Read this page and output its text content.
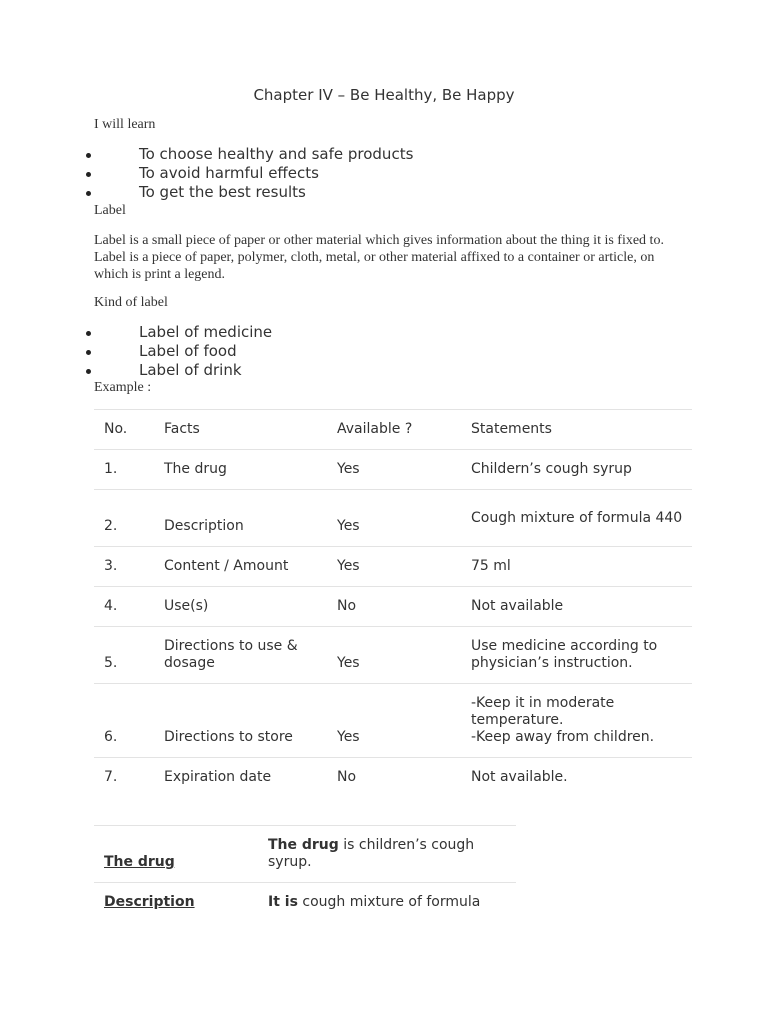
Chapter IV – Be Healthy, Be Happy
I will learn
To choose healthy and safe products
To avoid harmful effects
To get the best results
Label
Label is a small piece of paper or other material which gives information about the thing it is fixed to. Label is a piece of paper, polymer, cloth, metal, or other material affixed to a container or article, on which is print a legend.
Kind of label
Label of medicine
Label of food
Label of drink
Example :
No.	Facts	Available ?	Statements
1.	The drug	Yes	Childern’s cough syrup
2.	Description	Yes	Cough mixture of formula 440
3.	Content / Amount	Yes	75 ml
4.	Use(s)	No	Not available
5.	Directions to use & dosage	Yes	Use medicine according to physician’s instruction.
6.	Directions to store	Yes	-Keep it in moderate temperature.
-Keep away from children.

7.	Expiration date	No	Not available.
The drug	The drug is children’s cough syrup.
Description	It is cough mixture of formula
